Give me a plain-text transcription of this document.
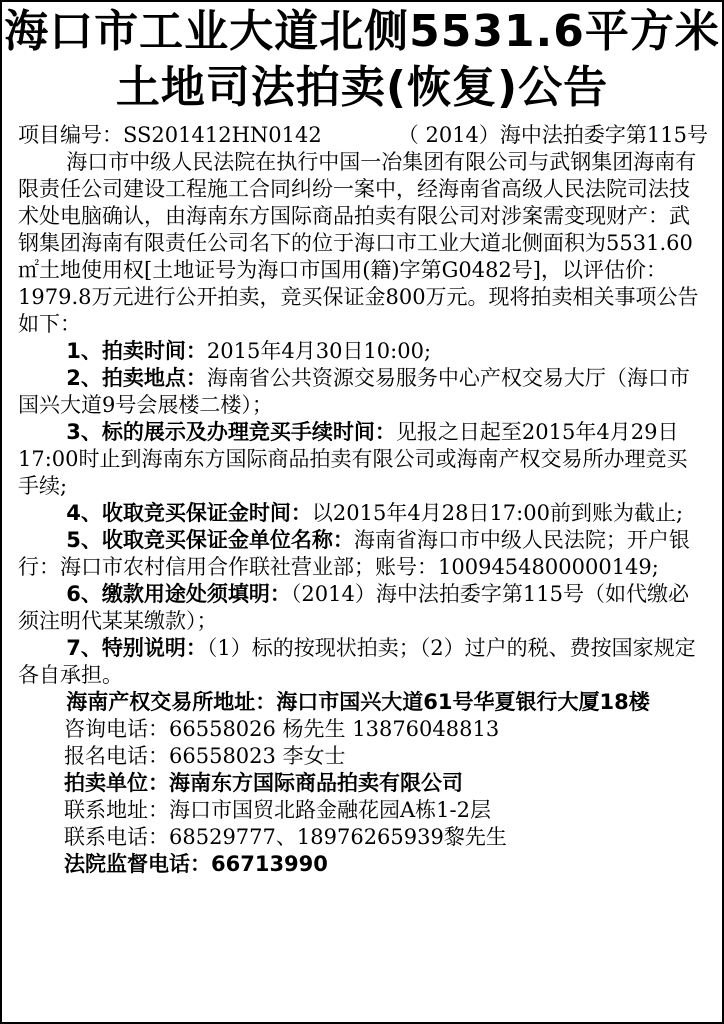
海口市工业大道北侧5531.6平方米
土地司法拍卖(恢复)公告
项目编号：SS201412HN0142	（ 2014）海中法拍委字第115号

海口市中级人民法院在执行中国一冶集团有限公司与武钢集团海南有限责任公司建设工程施工合同纠纷一案中，经海南省高级人民法院司法技术处电脑确认，由海南东方国际商品拍卖有限公司对涉案需变现财产：武钢集团海南有限责任公司名下的位于海口市工业大道北侧面积为5531.60㎡土地使用权[土地证号为海口市国用(籍)字第G0482号]，以评估价：1979.8万元进行公开拍卖，竞买保证金800万元。现将拍卖相关事项公告如下：

1、拍卖时间：2015年4月30日10:00;

2、拍卖地点：海南省公共资源交易服务中心产权交易大厅（海口市国兴大道9号会展楼二楼）；

3、标的展示及办理竞买手续时间：见报之日起至2015年4月29日17:00时止到海南东方国际商品拍卖有限公司或海南产权交易所办理竞买手续;

4、收取竞买保证金时间：以2015年4月28日17:00前到账为截止;

5、收取竞买保证金单位名称：海南省海口市中级人民法院；开户银行：海口市农村信用合作联社营业部；账号：1009454800000149;

6、缴款用途处须填明：（2014）海中法拍委字第115号（如代缴必须注明代某某缴款）；

7、特别说明：（1）标的按现状拍卖；（2）过户的税、费按国家规定各自承担。

海南产权交易所地址：海口市国兴大道61号华夏银行大厦18楼

咨询电话：66558026 杨先生 13876048813

报名电话：66558023 李女士

拍卖单位：海南东方国际商品拍卖有限公司

联系地址：海口市国贸北路金融花园A栋1-2层

联系电话：68529777、18976265939黎先生

法院监督电话：66713990
